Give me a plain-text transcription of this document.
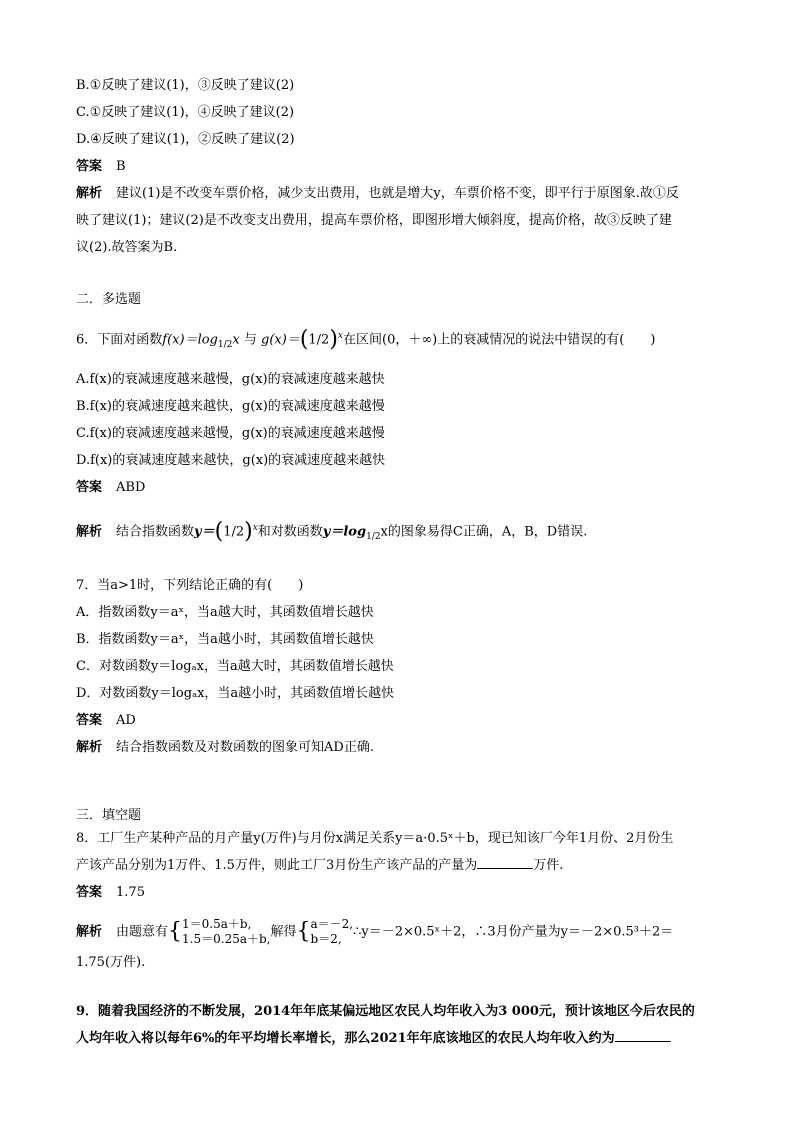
B.①反映了建议(1)，③反映了建议(2)
C.①反映了建议(1)，④反映了建议(2)
D.④反映了建议(1)，②反映了建议(2)
答案 B
解析 建议(1)是不改变车票价格，减少支出费用，也就是增大y，车票价格不变，即平行于原图象.故①反
映了建议(1)；建议(2)是不改变支出费用，提高车票价格，即图形增大倾斜度，提高价格，故③反映了建
议(2).故答案为B.
二．多选题
6．下面对函数$f(x)=\log_{1/2}x$ 与 $g(x)=(1/2)^x$在区间(0，＋∞)上的衰减情况的说法中错误的有(　　)
A.f(x)的衰减速度越来越慢，g(x)的衰减速度越来越快
B.f(x)的衰减速度越来越快，g(x)的衰减速度越来越慢
C.f(x)的衰减速度越来越慢，g(x)的衰减速度越来越慢
D.f(x)的衰减速度越来越快，g(x)的衰减速度越来越快
答案 ABD
解析 结合指数函数$y=(1/2)^x$和对数函数$y=\log_{1/2}x$的图象易得C正确，A，B，D错误.
7．当a>1时，下列结论正确的有(　　)
A．指数函数y＝aˣ，当a越大时，其函数值增长越快
B．指数函数y＝aˣ，当a越小时，其函数值增长越快
C．对数函数y＝logₐx，当a越大时，其函数值增长越快
D．对数函数y＝logₐx，当a越小时，其函数值增长越快
答案 AD
解析 结合指数函数及对数函数的图象可知AD正确.
三．填空题
8．工厂生产某种产品的月产量y(万件)与月份x满足关系y＝a·0.5ˣ＋b，现已知该厂今年1月份、2月份生
产该产品分别为1万件、1.5万件，则此工厂3月份生产该产品的产量为	万件.
答案 1.75
解析 由题意有{1＝0.5a＋b,
1.5＝0.25a＋b,解得{a＝－2,
b＝2, ∴y＝－2×0.5ˣ＋2，∴3月份产量为y＝－2×0.5³＋2＝
1.75(万件).
9．随着我国经济的不断发展，2014年年底某偏远地区农民人均年收入为3 000元，预计该地区今后农民的
人均年收入将以每年6%的年平均增长率增长，那么2021年年底该地区的农民人均年收入约为
